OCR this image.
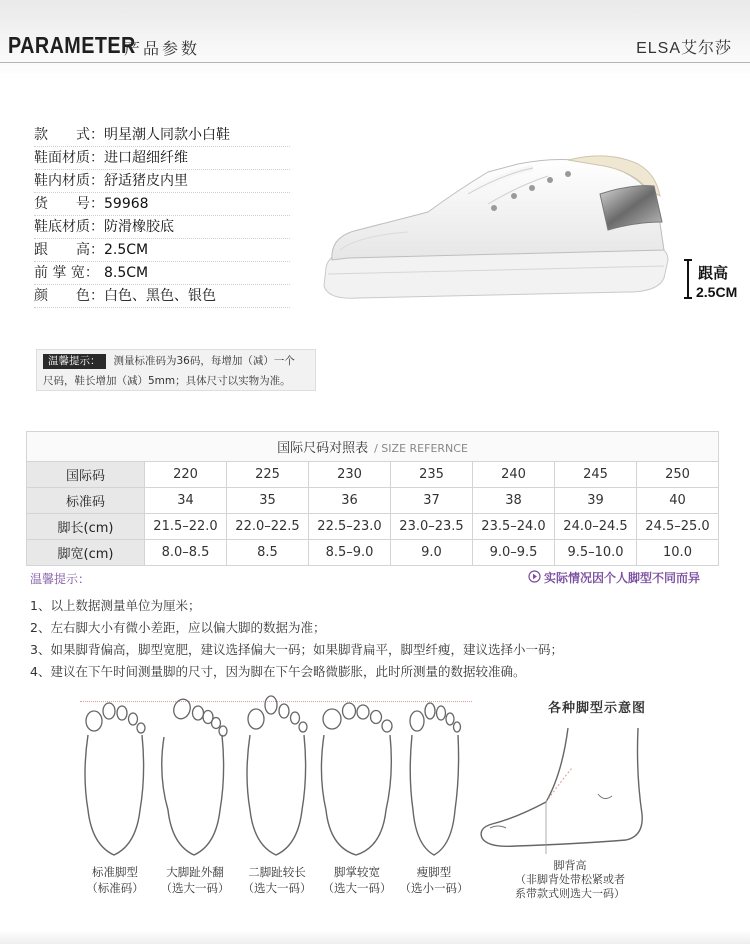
PARAMETER
产品参数	ELSA艾尔莎
款　　式：明星潮人同款小白鞋
鞋面材质：进口超细纤维
鞋内材质：舒适猪皮内里
货　　号：59968
鞋底材质：防滑橡胶底
跟　　高：2.5CM
前 掌 宽： 8.5CM
颜　　色：白色、黑色、银色
跟高
2.5CM
温馨提示： 测量标准码为36码，每增加（减）一个
尺码，鞋长增加（减）5mm；具体尺寸以实物为准。
国际尺码对照表 / SIZE REFERNCE							
国际码	220	225	230	235	240	245	250
标准码	34	35	36	37	38	39	40
脚长(cm)	21.5–22.0	22.0–22.5	22.5–23.0	23.0–23.5	23.5–24.0	24.0–24.5	24.5–25.0
脚宽(cm)	8.0–8.5	8.5	8.5–9.0	9.0	9.0–9.5	9.5–10.0	10.0
温馨提示：	实际情况因个人脚型不同而异
1、以上数据测量单位为厘米；
2、左右脚大小有微小差距，应以偏大脚的数据为准；
3、如果脚背偏高，脚型宽肥，建议选择偏大一码；如果脚背扁平，脚型纤瘦，建议选择小一码；
4、建议在下午时间测量脚的尺寸，因为脚在下午会略微膨胀，此时所测量的数据较准确。
标准脚型
（标准码）
大脚趾外翻
（选大一码）
二脚趾较长
（选大一码）
脚掌较宽
（选大一码）
瘦脚型
（选小一码）
各种脚型示意图
脚背高
（非脚背处带松紧或者
系带款式则选大一码）
